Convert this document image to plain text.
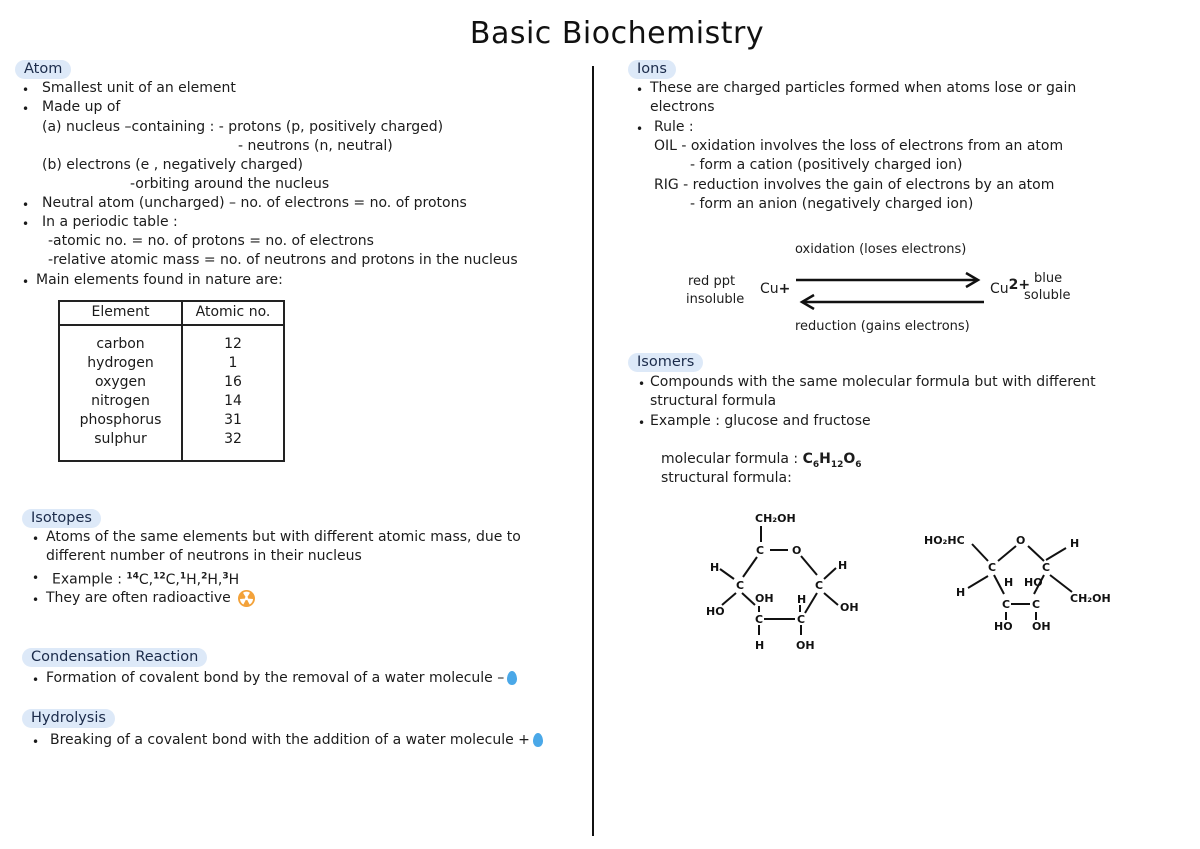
Basic Biochemistry
Atom
• Smallest unit of an element
• Made up of
(a) nucleus –containing : - protons (p, positively charged)
- neutrons (n, neutral)
(b) electrons (e , negatively charged)
-orbiting around the nucleus
• Neutral atom (uncharged) – no. of electrons = no. of protons
• In a periodic table :
-atomic no. = no. of protons = no. of electrons
-relative atomic mass = no. of neutrons and protons in the nucleus
• Main elements found in nature are:
Element	Atomic no.
carbon	12
hydrogen	1
oxygen	16
nitrogen	14
phosphorus	31
sulphur	32
Isotopes
• Atoms of the same elements but with different atomic mass, due to
different number of neutrons in their nucleus
• Example : $^{14}$C,$^{12}$C,$^1$H,$^2$H,$^3$H
• They are often radioactive
Condensation Reaction
• Formation of covalent bond by the removal of a water molecule –
Hydrolysis
• Breaking of a covalent bond with the addition of a water molecule +
Ions
• These are charged particles formed when atoms lose or gain
electrons
• Rule :
OIL - oxidation involves the loss of electrons from an atom
- form a cation (positively charged ion)
RIG - reduction involves the gain of electrons by an atom
- form an anion (negatively charged ion)
oxidation (loses electrons)
reduction (gains electrons)
red ppt
insoluble
Cu+	Cu2+ blue
soluble
Isomers
• Compounds with the same molecular formula but with different
structural formula
• Example : glucose and fructose
molecular formula : $C_6H_{12}O_6$
structural formula:
CH₂OH
C	O
C	C
H	H
HO
OH
OH
C	C
H
H	OH
HO₂HC	O	H
C	C
H
H HO
CH₂OH
C C
HO OH
